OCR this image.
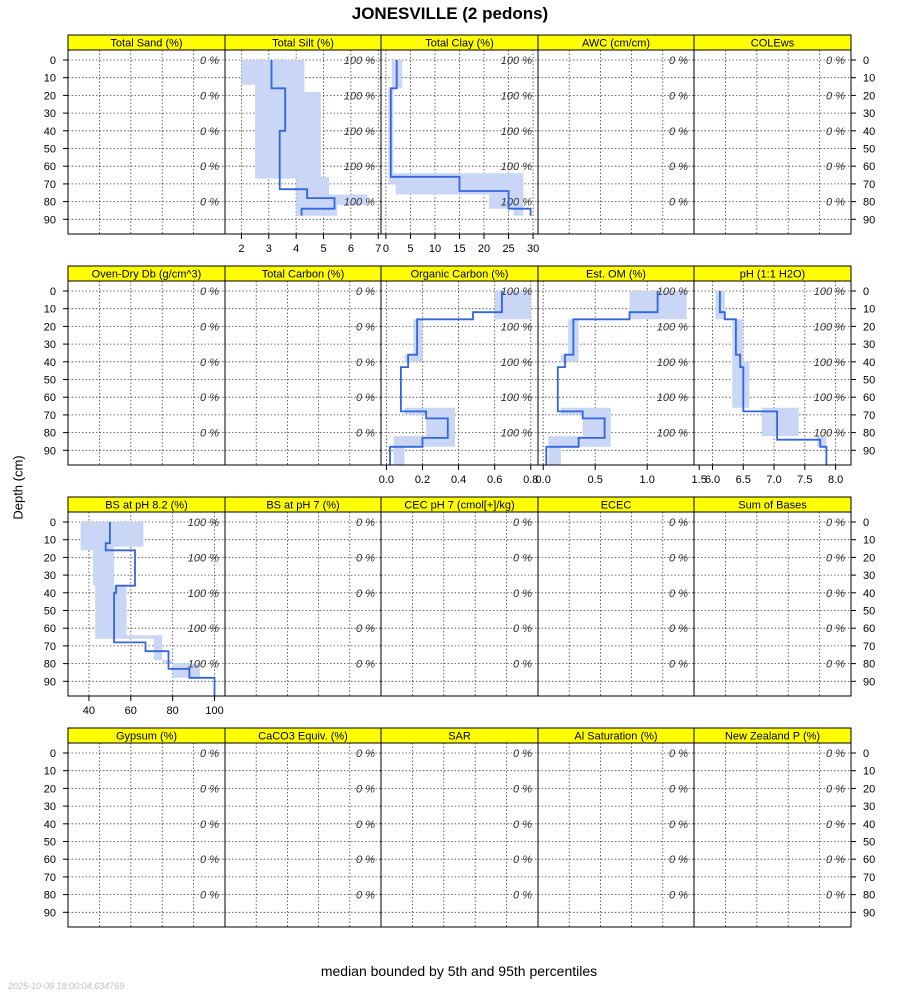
JONESVILLE (2 pedons)
Depth (cm)
Total Sand (%)
0 %
0 %
0 %
0 %
0 %
0
10
20
30
40
50
60
70
80
90
Total Silt (%)
100 %
100 %
100 %
100 %
100 %
2 3 4 5 6 7
Total Clay (%)
100 %
100 %
100 %
100 %
100 %
0 5 10 15 20 25 30
AWC (cm/cm)
0 %
0 %
0 %
0 %
0 %
COLEws
0 %
0 %
0 %
0 %
0 %
0
10
20
30
40
50
60
70
80
90
Oven-Dry Db (g/cm^3)
0 %
0 %
0 %
0 %
0 %
0
10
20
30
40
50
60
70
80
90
Total Carbon (%)
0 %
0 %
0 %
0 %
0 %
Organic Carbon (%)
100 %
100 %
100 %
100 %
100 %
0.0 0.2 0.4 0.6 0.8
Est. OM (%)
100 %
100 %
100 %
100 %
100 %
0.0	0.5	1.0	1.5
pH (1:1 H2O)
100 %
100 %
100 %
100 %
100 %
6.0 6.5 7.0 7.5 8.0
0
10
20
30
40
50
60
70
80
90
BS at pH 8.2 (%)
100 %
100 %
100 %
100 %
100 %
40	60	80 100
0
10
20
30
40
50
60
70
80
90
BS at pH 7 (%)
0 %
0 %
0 %
0 %
0 %
CEC pH 7 (cmol[+]/kg)
0 %
0 %
0 %
0 %
0 %
ECEC
0 %
0 %
0 %
0 %
0 %
Sum of Bases
0 %
0 %
0 %
0 %
0 %
0
10
20
30
40
50
60
70
80
90
Gypsum (%)
0 %
0 %
0 %
0 %
0 %
0
10
20
30
40
50
60
70
80
90
CaCO3 Equiv. (%)
0 %
0 %
0 %
0 %
0 %
SAR
0 %
0 %
0 %
0 %
0 %
Al Saturation (%)
0 %
0 %
0 %
0 %
0 %
New Zealand P (%)
0 %
0 %
0 %
0 %
0 %
0
10
20
30
40
50
60
70
80
90
median bounded by 5th and 95th percentiles
2025-10-08 18:00:04.634769
